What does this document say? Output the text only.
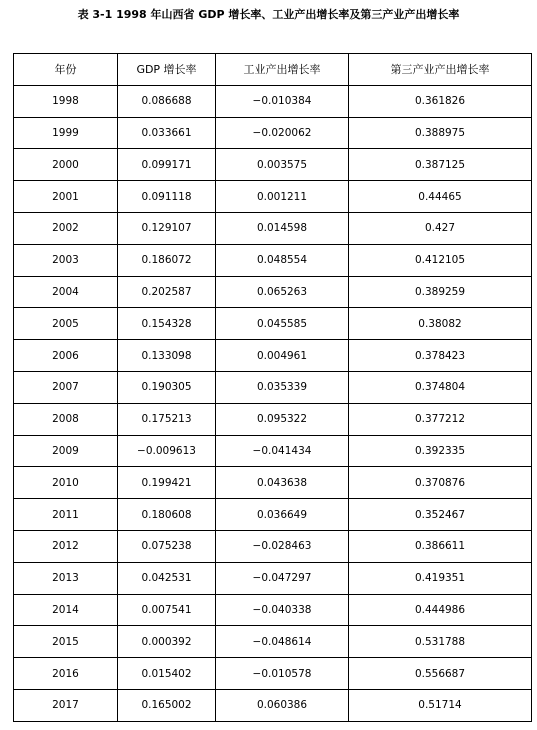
表 3-1 1998 年山西省 GDP 增长率、工业产出增长率及第三产业产出增长率
年份	GDP 增长率	工业产出增长率	第三产业产出增长率
1998	0.086688	−0.010384	0.361826
1999	0.033661	−0.020062	0.388975
2000	0.099171	0.003575	0.387125
2001	0.091118	0.001211	0.44465
2002	0.129107	0.014598	0.427
2003	0.186072	0.048554	0.412105
2004	0.202587	0.065263	0.389259
2005	0.154328	0.045585	0.38082
2006	0.133098	0.004961	0.378423
2007	0.190305	0.035339	0.374804
2008	0.175213	0.095322	0.377212
2009	−0.009613	−0.041434	0.392335
2010	0.199421	0.043638	0.370876
2011	0.180608	0.036649	0.352467
2012	0.075238	−0.028463	0.386611
2013	0.042531	−0.047297	0.419351
2014	0.007541	−0.040338	0.444986
2015	0.000392	−0.048614	0.531788
2016	0.015402	−0.010578	0.556687
2017	0.165002	0.060386	0.51714
